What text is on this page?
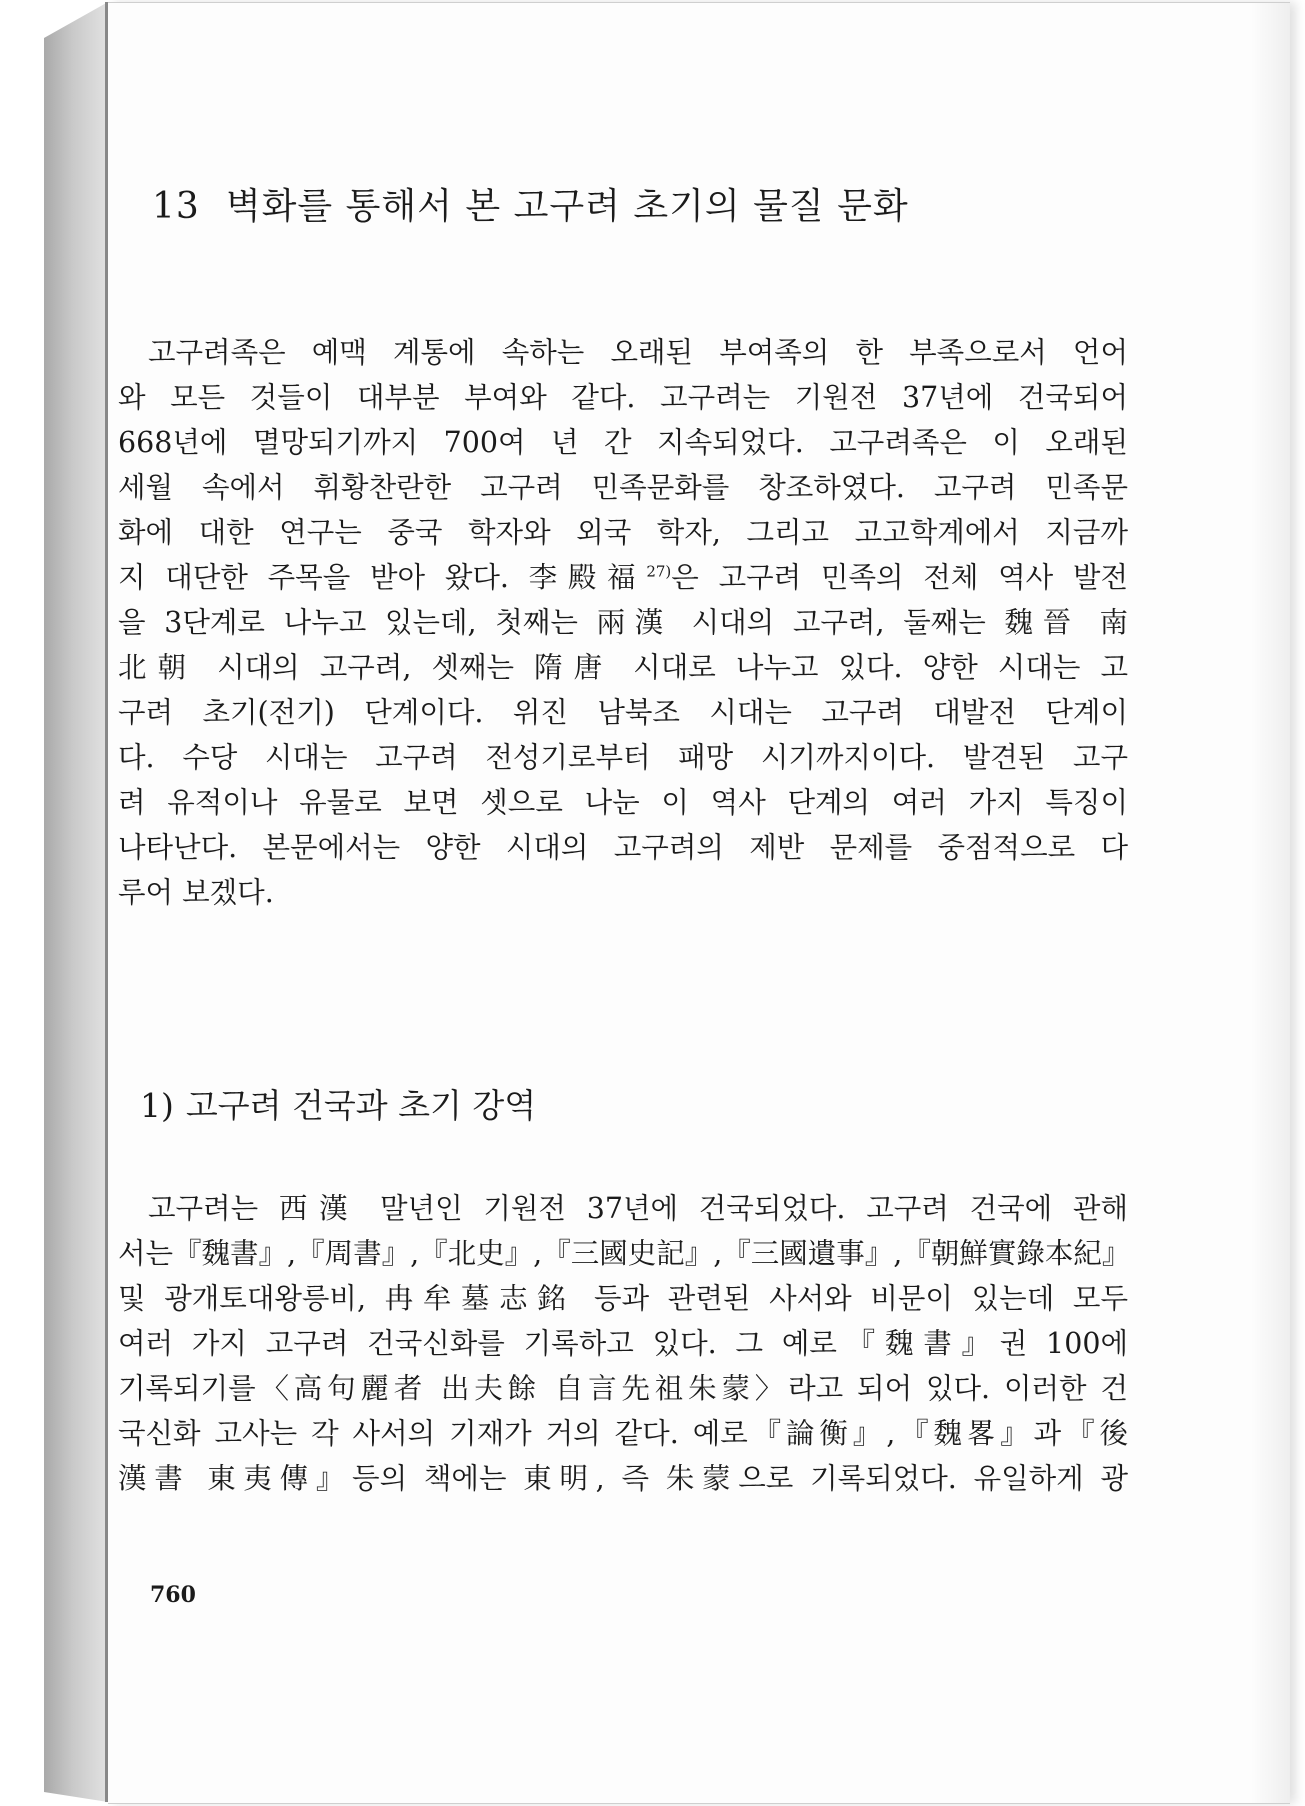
13 벽화를 통해서 본 고구려 초기의 물질 문화
고구려족은 예맥 계통에 속하는 오래된 부여족의 한 부족으로서 언어
와 모든 것들이 대부분 부여와 같다. 고구려는 기원전 37년에 건국되어
668년에 멸망되기까지 700여 년 간 지속되었다. 고구려족은 이 오래된
세월 속에서 휘황찬란한 고구려 민족문화를 창조하였다. 고구려 민족문
화에 대한 연구는 중국 학자와 외국 학자, 그리고 고고학계에서 지금까
지 대단한 주목을 받아 왔다. 李殿福$^{27)}$은 고구려 민족의 전체 역사 발전
을 3단계로 나누고 있는데, 첫째는 兩漢 시대의 고구려, 둘째는 魏晉 南
北朝 시대의 고구려, 셋째는 隋唐 시대로 나누고 있다. 양한 시대는 고
구려 초기(전기) 단계이다. 위진 남북조 시대는 고구려 대발전 단계이
다. 수당 시대는 고구려 전성기로부터 패망 시기까지이다. 발견된 고구
려 유적이나 유물로 보면 셋으로 나눈 이 역사 단계의 여러 가지 특징이
나타난다. 본문에서는 양한 시대의 고구려의 제반 문제를 중점적으로 다
루어 보겠다.
1) 고구려 건국과 초기 강역
고구려는 西漢 말년인 기원전 37년에 건국되었다. 고구려 건국에 관해
서는『魏書』,『周書』,『北史』,『三國史記』,『三國遺事』,『朝鮮實錄本紀』
및 광개토대왕릉비, 冉牟墓志銘 등과 관련된 사서와 비문이 있는데 모두
여러 가지 고구려 건국신화를 기록하고 있다. 그 예로『魏書』권 100에
기록되기를〈高句麗者 出夫餘 自言先祖朱蒙〉라고 되어 있다. 이러한 건
국신화 고사는 각 사서의 기재가 거의 같다. 예로『論衡』,『魏畧』과『後
漢書 東夷傳』등의 책에는 東明, 즉 朱蒙으로 기록되었다. 유일하게 광
760
